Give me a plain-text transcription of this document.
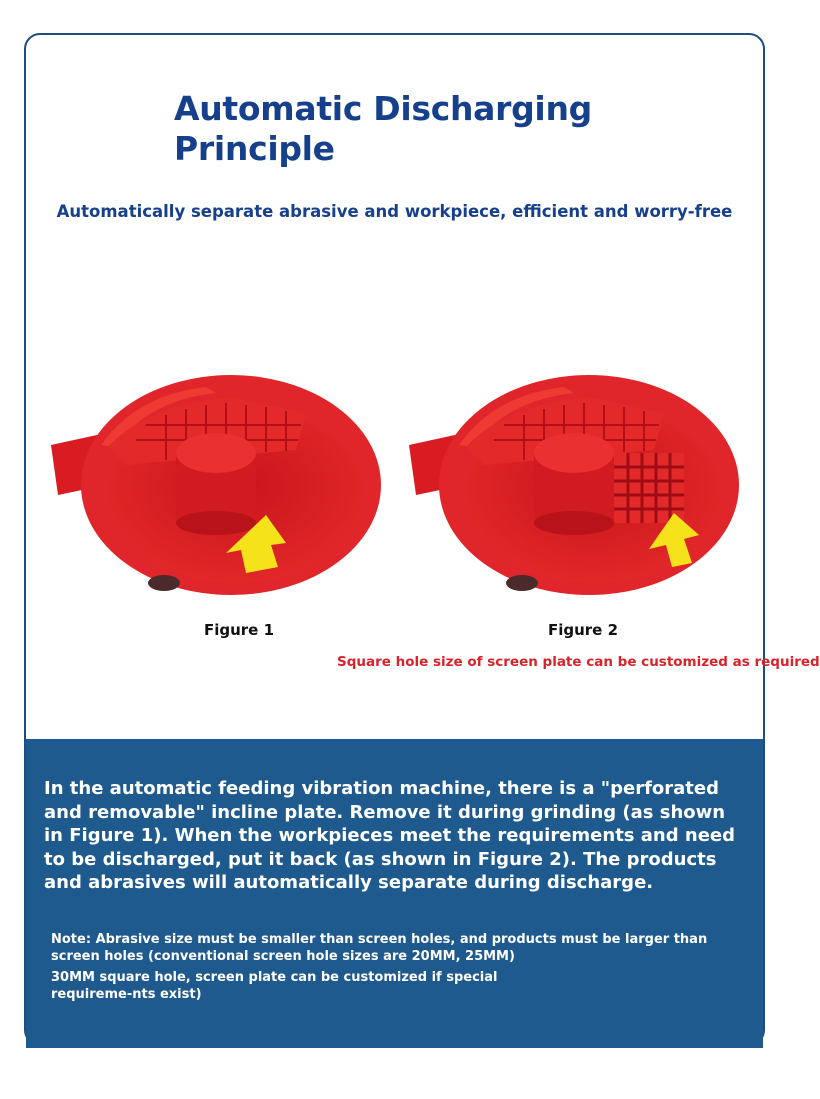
Automatic Discharging Principle

Automatically separate abrasive and workpiece, efficient and worry-free

Figure 1	Figure 2

Square hole size of screen plate can be customized as required

In the automatic feeding vibration machine, there is a "perforated and removable" incline plate. Remove it during grinding (as shown in Figure 1). When the workpieces meet the requirements and need to be discharged, put it back (as shown in Figure 2). The products and abrasives will automatically separate during discharge.

Note: Abrasive size must be smaller than screen holes, and products must be larger than screen holes (conventional screen hole sizes are 20MM, 25MM)

30MM square hole, screen plate can be customized if special requireme-nts exist)
